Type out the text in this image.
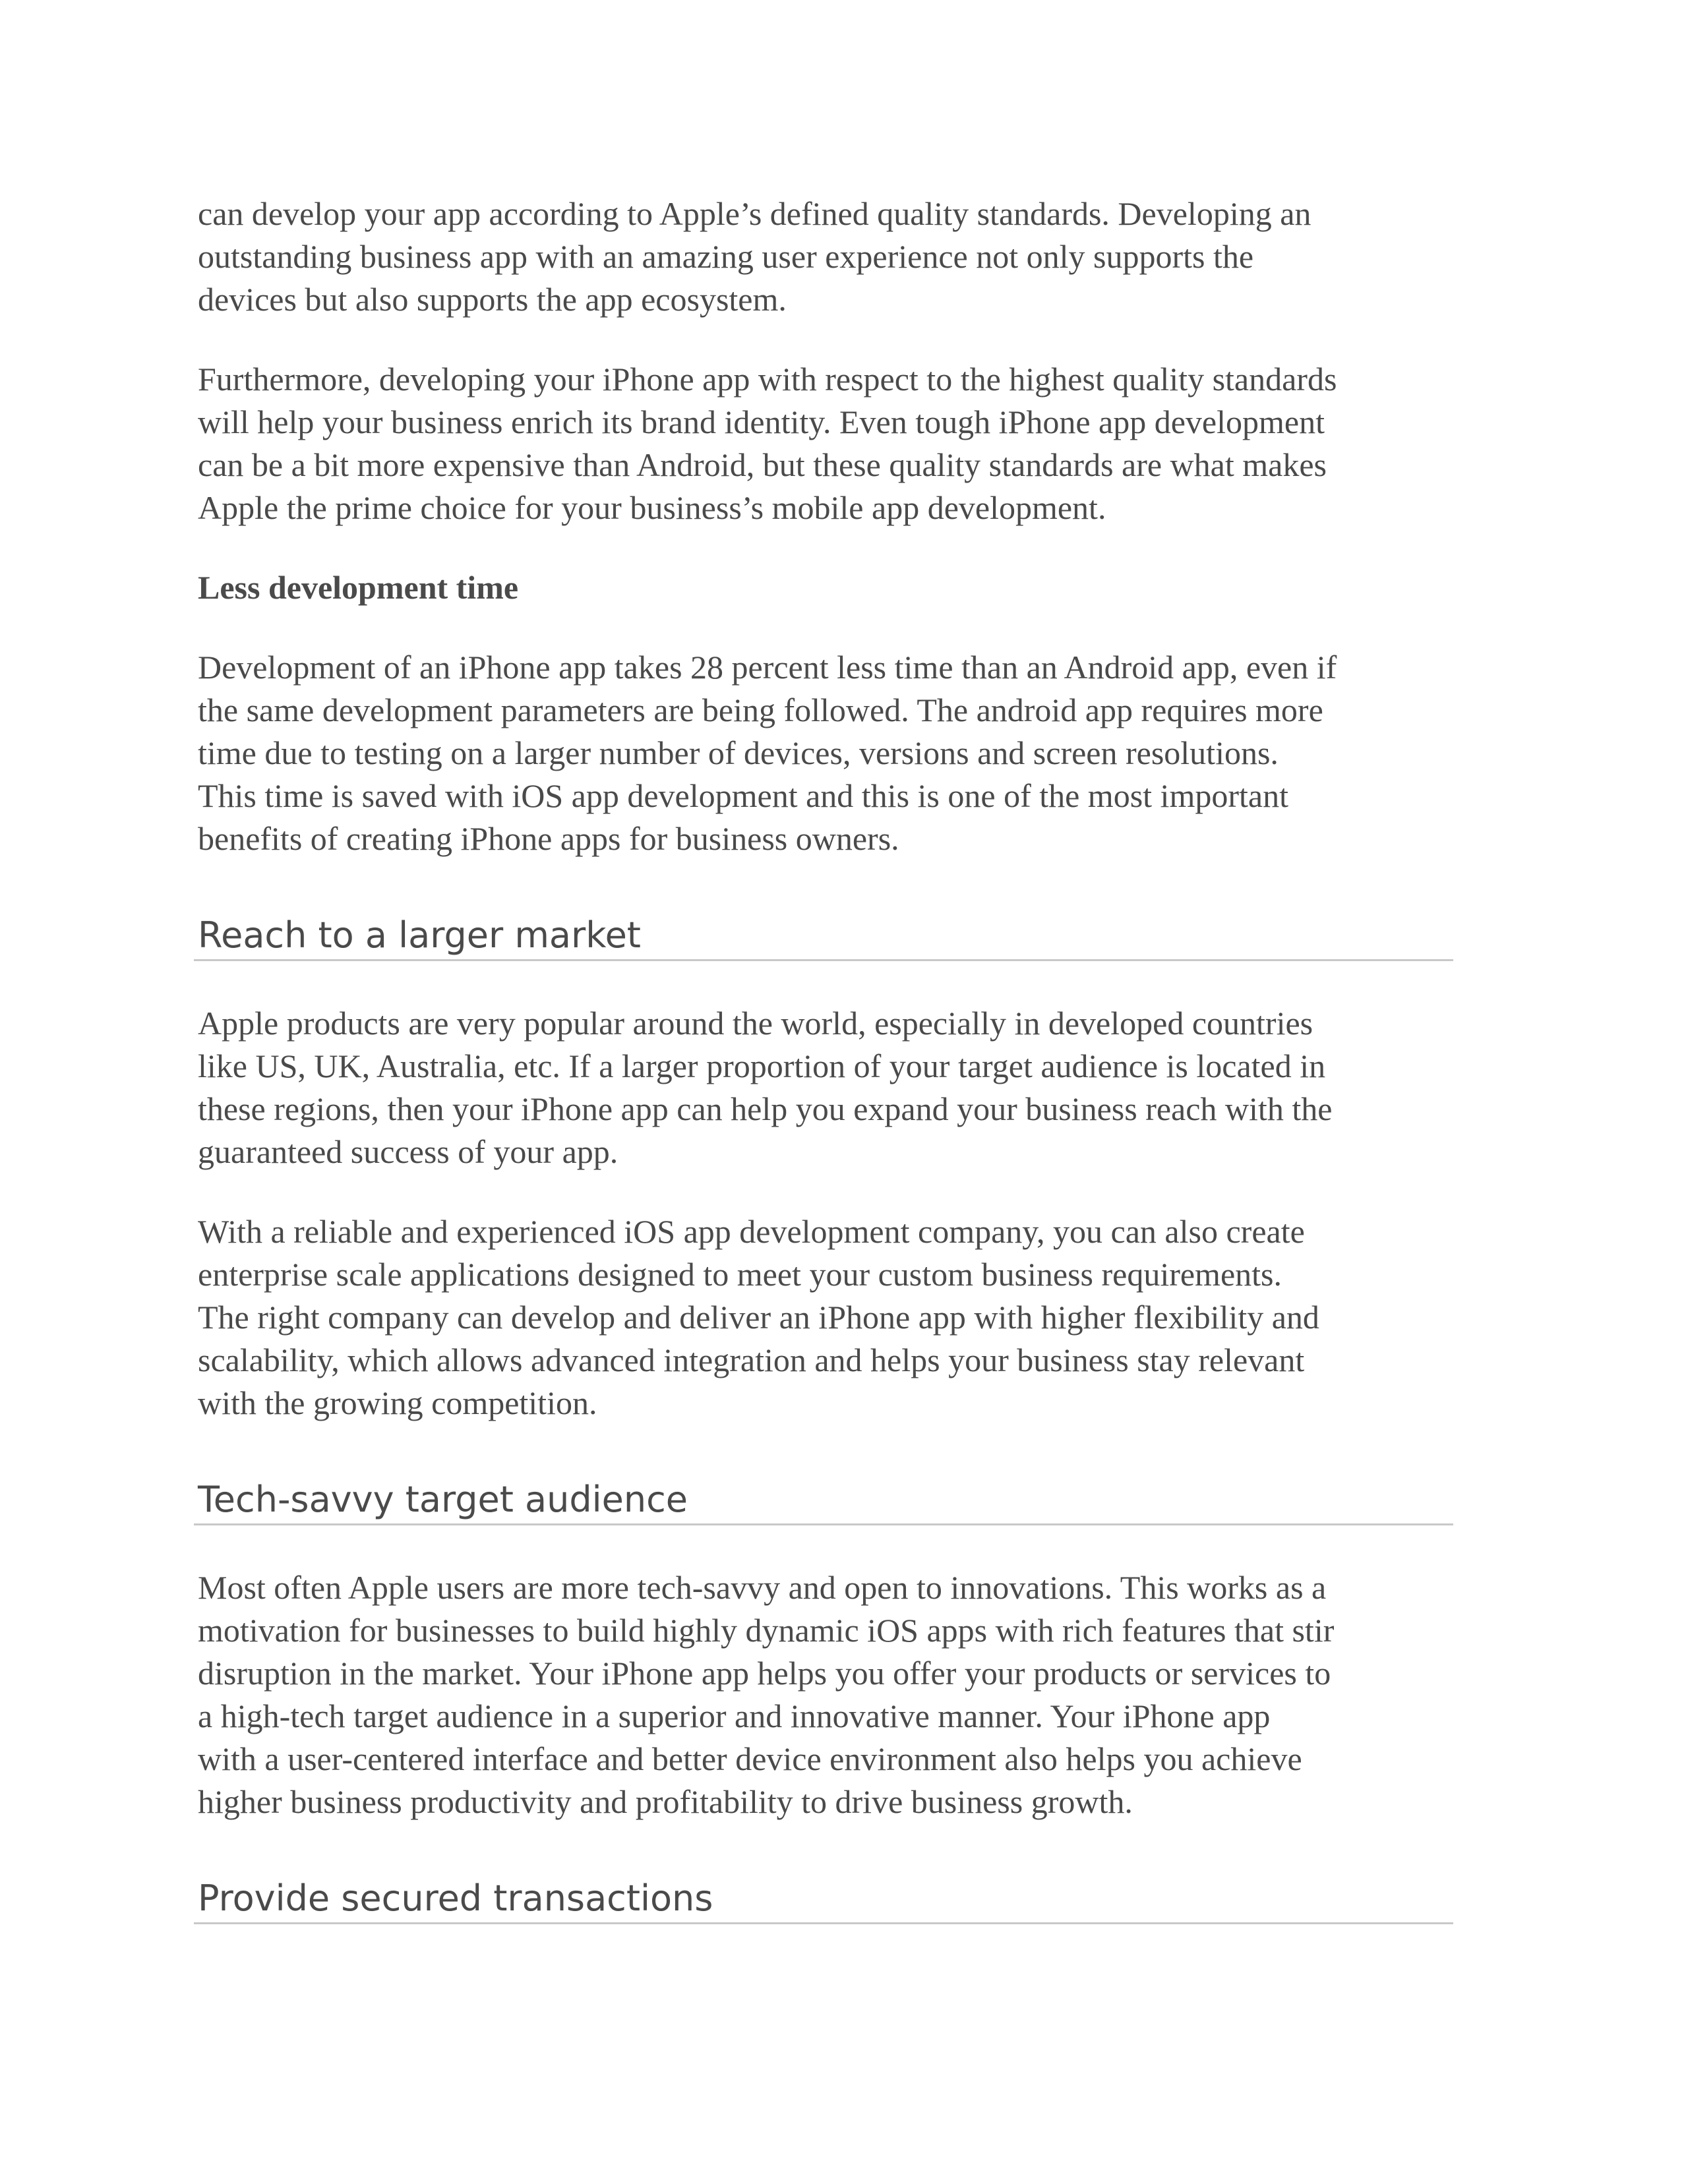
can develop your app according to Apple’s defined quality standards. Developing an
outstanding business app with an amazing user experience not only supports the
devices but also supports the app ecosystem.

Furthermore, developing your iPhone app with respect to the highest quality standards
will help your business enrich its brand identity. Even tough iPhone app development
can be a bit more expensive than Android, but these quality standards are what makes
Apple the prime choice for your business’s mobile app development.

Less development time

Development of an iPhone app takes 28 percent less time than an Android app, even if
the same development parameters are being followed. The android app requires more
time due to testing on a larger number of devices, versions and screen resolutions.
This time is saved with iOS app development and this is one of the most important
benefits of creating iPhone apps for business owners.

Reach to a larger market

Apple products are very popular around the world, especially in developed countries
like US, UK, Australia, etc. If a larger proportion of your target audience is located in
these regions, then your iPhone app can help you expand your business reach with the
guaranteed success of your app.

With a reliable and experienced iOS app development company, you can also create
enterprise scale applications designed to meet your custom business requirements.
The right company can develop and deliver an iPhone app with higher flexibility and
scalability, which allows advanced integration and helps your business stay relevant
with the growing competition.

Tech-savvy target audience

Most often Apple users are more tech-savvy and open to innovations. This works as a
motivation for businesses to build highly dynamic iOS apps with rich features that stir
disruption in the market. Your iPhone app helps you offer your products or services to
a high-tech target audience in a superior and innovative manner. Your iPhone app
with a user-centered interface and better device environment also helps you achieve
higher business productivity and profitability to drive business growth.

Provide secured transactions
